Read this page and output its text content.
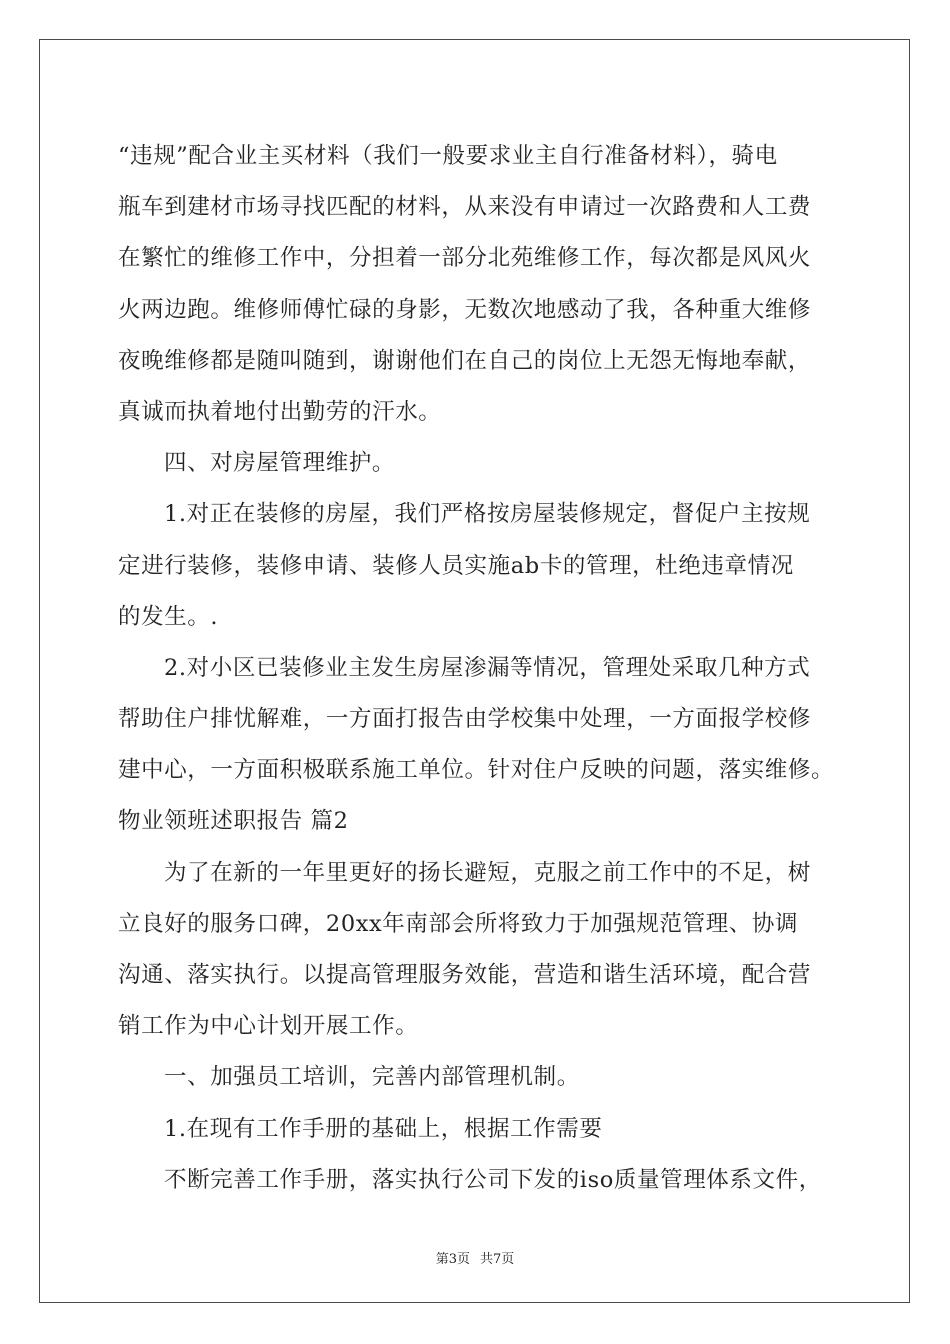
“违规”配合业主买材料（我们一般要求业主自行准备材料），骑电
瓶车到建材市场寻找匹配的材料，从来没有申请过一次路费和人工费
在繁忙的维修工作中，分担着一部分北苑维修工作，每次都是风风火
火两边跑。维修师傅忙碌的身影，无数次地感动了我，各种重大维修
夜晚维修都是随叫随到，谢谢他们在自己的岗位上无怨无悔地奉献，
真诚而执着地付出勤劳的汗水。
四、对房屋管理维护。
1.对正在装修的房屋，我们严格按房屋装修规定，督促户主按规
定进行装修，装修申请、装修人员实施ab卡的管理，杜绝违章情况
的发生。.
2.对小区已装修业主发生房屋渗漏等情况，管理处采取几种方式
帮助住户排忧解难，一方面打报告由学校集中处理，一方面报学校修
建中心，一方面积极联系施工单位。针对住户反映的问题，落实维修。
物业领班述职报告 篇2
为了在新的一年里更好的扬长避短，克服之前工作中的不足，树
立良好的服务口碑，20xx年南部会所将致力于加强规范管理、协调
沟通、落实执行。以提高管理服务效能，营造和谐生活环境，配合营
销工作为中心计划开展工作。
一、加强员工培训，完善内部管理机制。
1.在现有工作手册的基础上，根据工作需要
不断完善工作手册，落实执行公司下发的iso质量管理体系文件，
第3页 共7页
